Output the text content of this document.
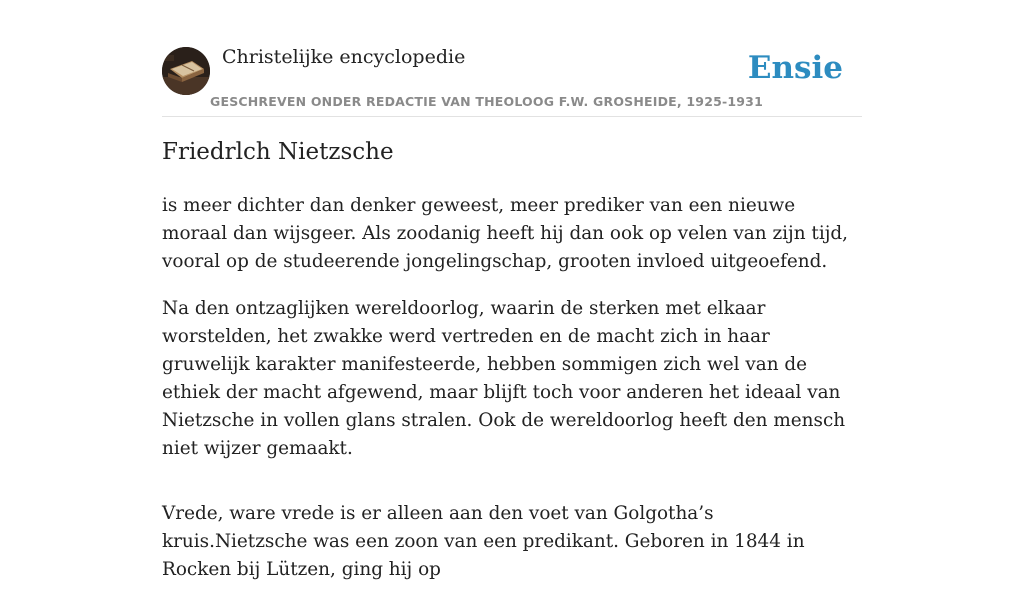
Christelijke encyclopedie
GESCHREVEN ONDER REDACTIE VAN THEOLOOG F.W. GROSHEIDE, 1925-1931
Ensie
Friedrlch Nietzsche

is meer dichter dan denker geweest, meer prediker van een nieuwe moraal dan wijsgeer. Als zoodanig heeft hij dan ook op velen van zijn tijd, vooral op de studeerende jongelingschap, grooten invloed uitgeoefend.

Na den ontzaglijken wereldoorlog, waarin de sterken met elkaar worstelden, het zwakke werd vertreden en de macht zich in haar gruwelijk karakter manifesteerde, hebben sommigen zich wel van de ethiek der macht afgewend, maar blijft toch voor anderen het ideaal van Nietzsche in vollen glans stralen. Ook de wereldoorlog heeft den mensch niet wijzer gemaakt.

Vrede, ware vrede is er alleen aan den voet van Golgotha’s kruis.Nietzsche was een zoon van een predikant. Geboren in 1844 in Rocken bij Lützen, ging hij op
